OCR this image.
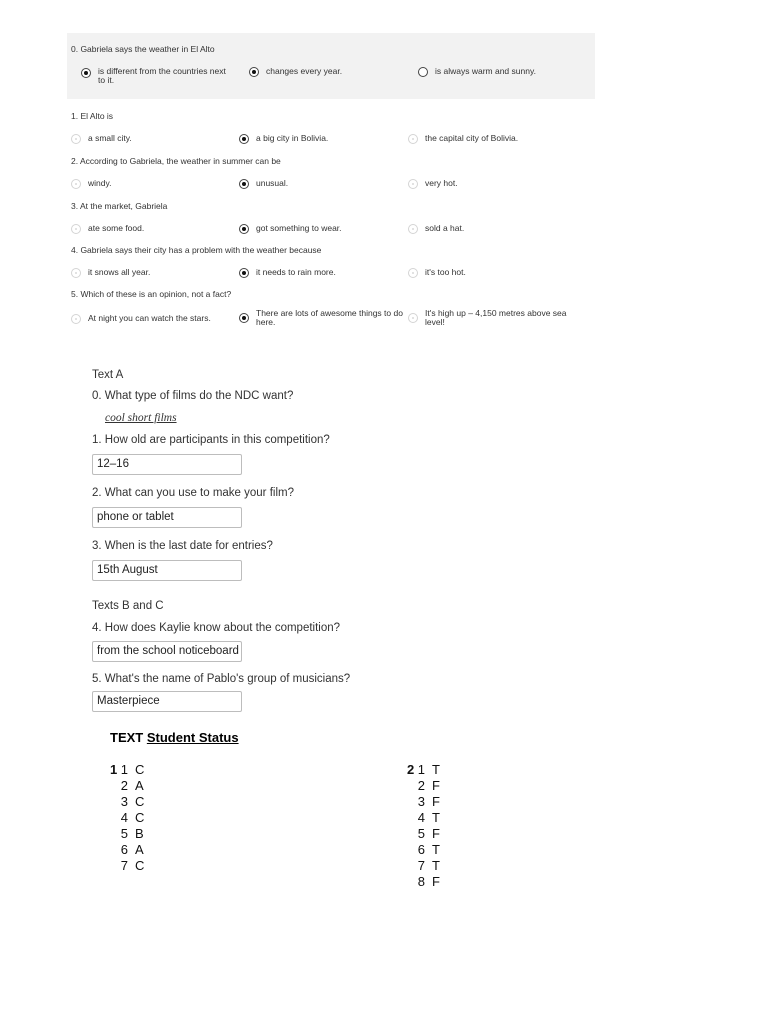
0. Gabriela says the weather in El Alto
is different from the countries next to it.
changes every year.	is always warm and sunny.
1. El Alto is
a small city.	a big city in Bolivia.	the capital city of Bolivia.
2. According to Gabriela, the weather in summer can be
windy.	unusual.	very hot.
3. At the market, Gabriela
ate some food.	got something to wear.	sold a hat.
4. Gabriela says their city has a problem with the weather because
it snows all year.	it needs to rain more.	it's too hot.
5. Which of these is an opinion, not a fact?
At night you can watch the stars.	There are lots of awesome things to do here.
It's high up – 4,150 metres above sea level!
Text A
0. What type of films do the NDC want?
cool short films
1. How old are participants in this competition?
12–16
2. What can you use to make your film?
phone or tablet
3. When is the last date for entries?
15th August
Texts B and C
4. How does Kaylie know about the competition?
from the school noticeboard
5. What's the name of Pablo's group of musicians?
Masterpiece
TEXT Student Status
1 1 C
2 A
3 C
4 C
5 B
6 A
7 C
2 1 T
2 F
3 F
4 T
5 F
6 T
7 T
8 F
